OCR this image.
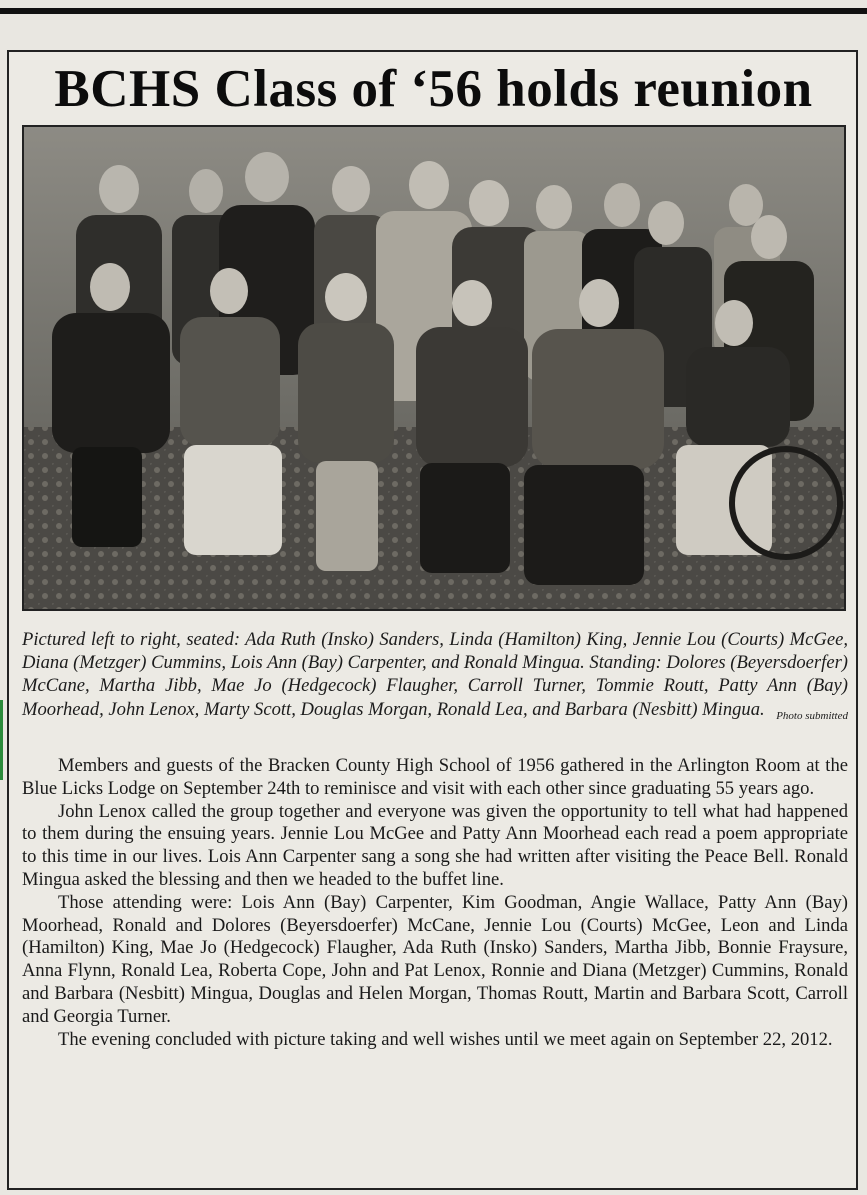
BCHS Class of ‘56 holds reunion
Pictured left to right, seated: Ada Ruth (Insko) Sanders, Linda (Hamilton) King, Jennie Lou (Courts) McGee, Diana (Metzger) Cummins, Lois Ann (Bay) Carpenter, and Ronald Mingua. Standing: Dolores (Beyersdoerfer) McCane, Martha Jibb, Mae Jo (Hedgecock) Flaugher, Carroll Turner, Tommie Routt, Patty Ann (Bay) Moorhead, John Lenox, Marty Scott, Douglas Morgan, Ronald Lea, and Barbara (Nesbitt) Mingua. Photo submitted

Members and guests of the Bracken County High School of 1956 gathered in the Arlington Room at the Blue Licks Lodge on September 24th to reminisce and visit with each other since graduating 55 years ago.

John Lenox called the group together and everyone was given the opportunity to tell what had happened to them during the ensuing years. Jennie Lou McGee and Patty Ann Moorhead each read a poem appropriate to this time in our lives. Lois Ann Carpenter sang a song she had written after visiting the Peace Bell. Ronald Mingua asked the blessing and then we headed to the buffet line.

Those attending were: Lois Ann (Bay) Carpenter, Kim Goodman, Angie Wallace, Patty Ann (Bay) Moorhead, Ronald and Dolores (Beyersdoerfer) McCane, Jennie Lou (Courts) McGee, Leon and Linda (Hamilton) King, Mae Jo (Hedgecock) Flaugher, Ada Ruth (Insko) Sanders, Martha Jibb, Bonnie Fraysure, Anna Flynn, Ronald Lea, Roberta Cope, John and Pat Lenox, Ronnie and Diana (Metzger) Cummins, Ronald and Barbara (Nesbitt) Mingua, Douglas and Helen Morgan, Thomas Routt, Martin and Barbara Scott, Carroll and Georgia Turner.

The evening concluded with picture taking and well wishes until we meet again on September 22, 2012.
